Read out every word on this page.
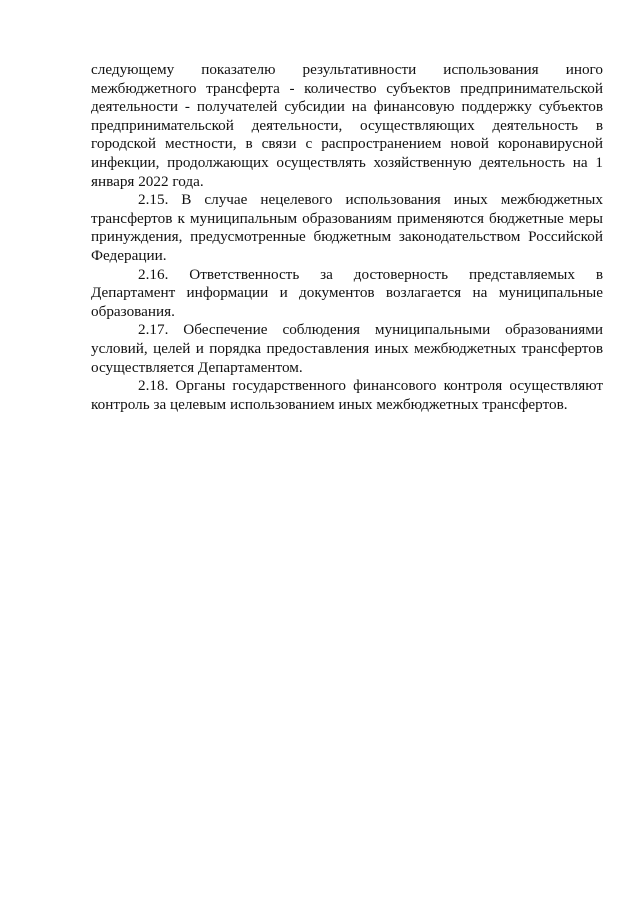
следующему показателю результативности использования иного межбюджетного трансферта - количество субъектов предпринимательской деятельности - получателей субсидии на финансовую поддержку субъектов предпринимательской деятельности, осуществляющих деятельность в городской местности, в связи с распространением новой коронавирусной инфекции, продолжающих осуществлять хозяйственную деятельность на 1 января 2022 года.

2.15. В случае нецелевого использования иных межбюджетных трансфертов к муниципальным образованиям применяются бюджетные меры принуждения, предусмотренные бюджетным законодательством Российской Федерации.

2.16. Ответственность за достоверность представляемых в Департамент информации и документов возлагается на муниципальные образования.

2.17. Обеспечение соблюдения муниципальными образованиями условий, целей и порядка предоставления иных межбюджетных трансфертов осуществляется Департаментом.

2.18. Органы государственного финансового контроля осуществляют контроль за целевым использованием иных межбюджетных трансфертов.
